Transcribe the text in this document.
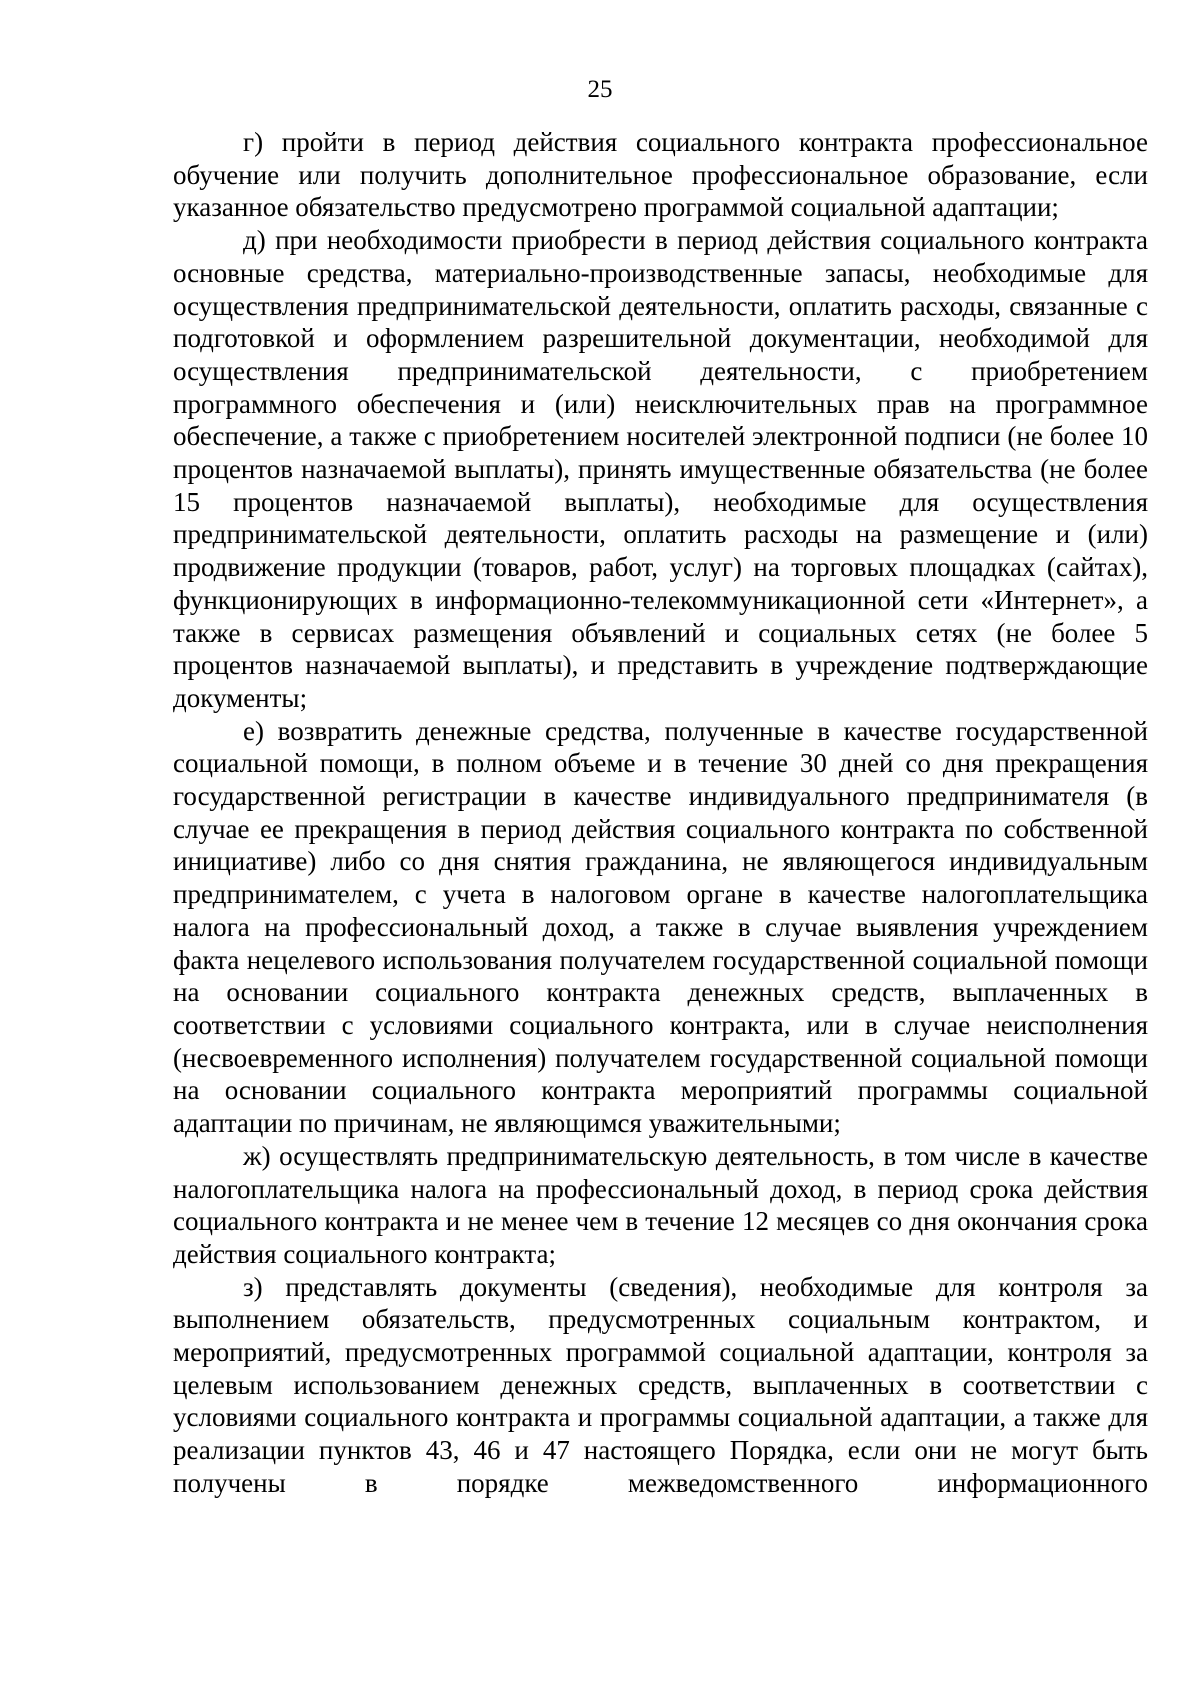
25

г) пройти в период действия социального контракта профессиональное обучение или получить дополнительное профессиональное образование, если указанное обязательство предусмотрено программой социальной адаптации;

д) при необходимости приобрести в период действия социального контракта основные средства, материально-производственные запасы, необходимые для осуществления предпринимательской деятельности, оплатить расходы, связанные с подготовкой и оформлением разрешительной документации, необходимой для осуществления предпринимательской деятельности, с приобретением программного обеспечения и (или) неисключительных прав на программное обеспечение, а также с приобретением носителей электронной подписи (не более 10 процентов назначаемой выплаты), принять имущественные обязательства (не более 15 процентов назначаемой выплаты), необходимые для осуществления предпринимательской деятельности, оплатить расходы на размещение и (или) продвижение продукции (товаров, работ, услуг) на торговых площадках (сайтах), функционирующих в информационно-телекоммуникационной сети «Интернет», а также в сервисах размещения объявлений и социальных сетях (не более 5 процентов назначаемой выплаты), и представить в учреждение подтверждающие документы;

е) возвратить денежные средства, полученные в качестве государственной социальной помощи, в полном объеме и в течение 30 дней со дня прекращения государственной регистрации в качестве индивидуального предпринимателя (в случае ее прекращения в период действия социального контракта по собственной инициативе) либо со дня снятия гражданина, не являющегося индивидуальным предпринимателем, с учета в налоговом органе в качестве налогоплательщика налога на профессиональный доход, а также в случае выявления учреждением факта нецелевого использования получателем государственной социальной помощи на основании социального контракта денежных средств, выплаченных в соответствии с условиями социального контракта, или в случае неисполнения (несвоевременного исполнения) получателем государственной социальной помощи на основании социального контракта мероприятий программы социальной адаптации по причинам, не являющимся уважительными;

ж) осуществлять предпринимательскую деятельность, в том числе в качестве налогоплательщика налога на профессиональный доход, в период срока действия социального контракта и не менее чем в течение 12 месяцев со дня окончания срока действия социального контракта;

з) представлять документы (сведения), необходимые для контроля за выполнением обязательств, предусмотренных социальным контрактом, и мероприятий, предусмотренных программой социальной адаптации, контроля за целевым использованием денежных средств, выплаченных в соответствии с условиями социального контракта и программы социальной адаптации, а также для реализации пунктов 43, 46 и 47 настоящего Порядка, если они не могут быть получены в порядке межведомственного информационного
